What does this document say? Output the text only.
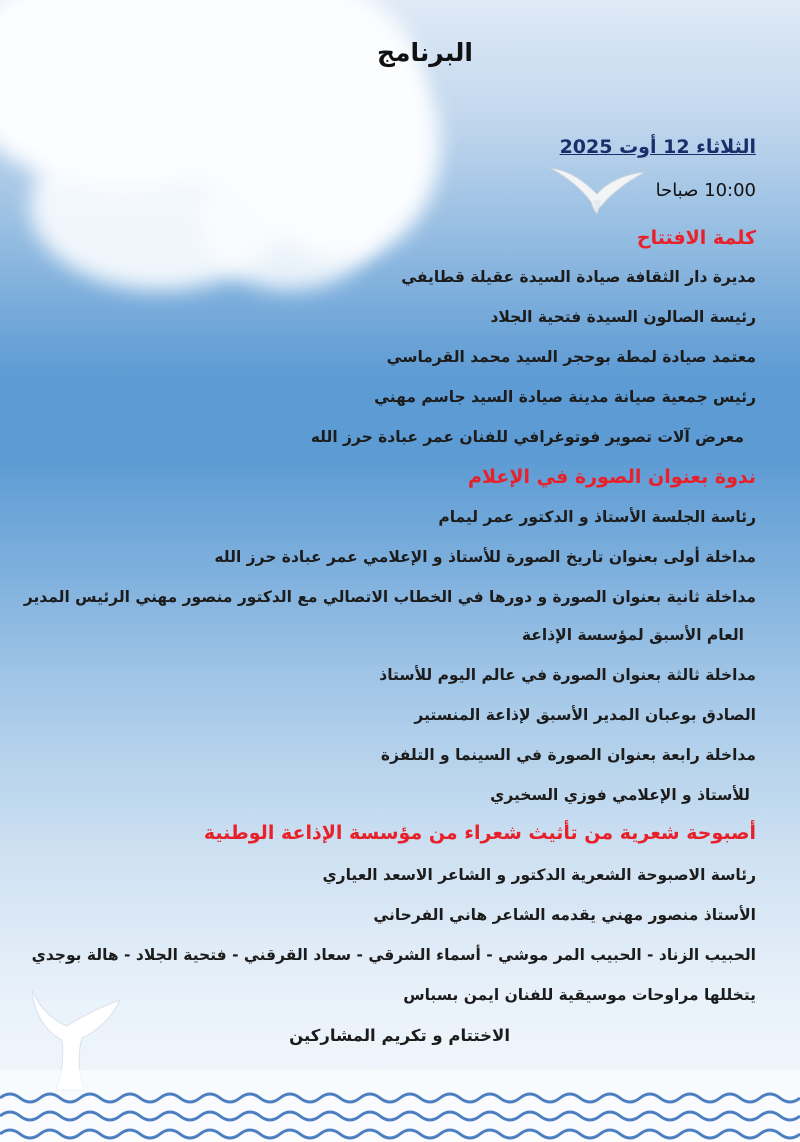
البرنامج
الثلاثاء 12 أوت 2025
10:00 صباحا
كلمة الافتتاح
مديرة دار الثقافة صيادة السيدة عقيلة قطايفي
رئيسة الصالون السيدة فتحية الجلاد
معتمد صيادة لمطة بوحجر السيد محمد القرماسي
رئيس جمعية صيانة مدينة صيادة السيد جاسم مهني
معرض آلات تصوير فوتوغرافي للفنان عمر عبادة حرز الله
ندوة بعنوان الصورة في الإعلام
رئاسة الجلسة الأستاذ و الدكتور عمر ليمام
مداخلة أولى بعنوان تاريخ الصورة للأستاذ و الإعلامي عمر عبادة حرز الله
مداخلة ثانية بعنوان الصورة و دورها في الخطاب الاتصالي مع الدكتور منصور مهني الرئيس المدير
العام الأسبق لمؤسسة الإذاعة
مداخلة ثالثة بعنوان الصورة في عالم اليوم للأستاذ
الصادق بوعبان المدير الأسبق لإذاعة المنستير
مداخلة رابعة بعنوان الصورة في السينما و التلفزة
للأستاذ و الإعلامي فوزي السخيري
أصبوحة شعرية من تأثيث شعراء من مؤسسة الإذاعة الوطنية
رئاسة الاصبوحة الشعرية الدكتور و الشاعر الاسعد العياري
الأستاذ منصور مهني يقدمه الشاعر هاني الفرحاني
الحبيب الزناد - الحبيب المر موشي - أسماء الشرقي - سعاد القرقني - فتحية الجلاد - هالة بوجدي
يتخللها مراوحات موسيقية للفنان ايمن بسباس
الاختتام و تكريم المشاركين
